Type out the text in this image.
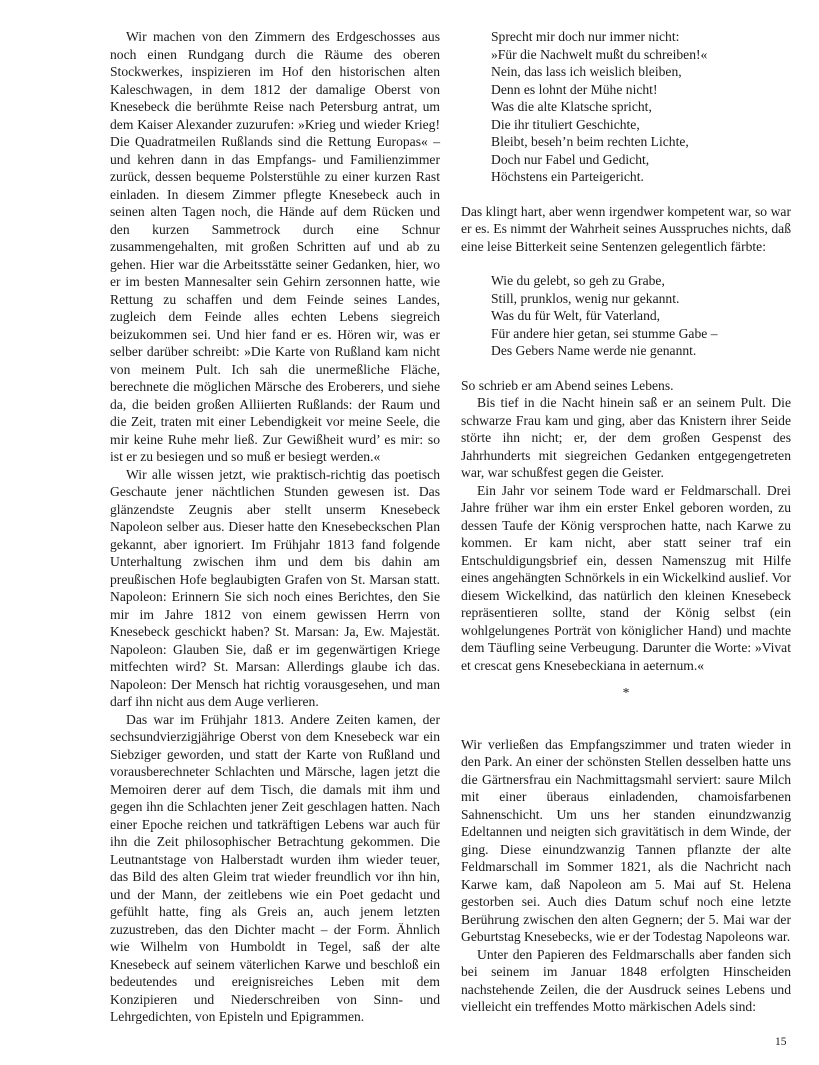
Wir machen von den Zimmern des Erdgeschosses aus noch einen Rundgang durch die Räume des oberen Stockwerkes, inspizieren im Hof den historischen alten Kaleschwagen, in dem 1812 der damalige Oberst von Knesebeck die berühmte Reise nach Petersburg antrat, um dem Kaiser Alexander zuzurufen: »Krieg und wieder Krieg! Die Quadratmeilen Rußlands sind die Rettung Europas« – und kehren dann in das Empfangs- und Familienzimmer zurück, dessen bequeme Polsterstühle zu einer kurzen Rast einladen. In diesem Zimmer pflegte Knesebeck auch in seinen alten Tagen noch, die Hände auf dem Rücken und den kurzen Sammetrock durch eine Schnur zusammengehalten, mit großen Schritten auf und ab zu gehen. Hier war die Arbeitsstätte seiner Gedanken, hier, wo er im besten Mannesalter sein Gehirn zersonnen hatte, wie Rettung zu schaffen und dem Feinde seines Landes, zugleich dem Feinde alles echten Lebens siegreich beizukommen sei. Und hier fand er es. Hören wir, was er selber darüber schreibt: »Die Karte von Rußland kam nicht von meinem Pult. Ich sah die unermeßliche Fläche, berechnete die möglichen Märsche des Eroberers, und siehe da, die beiden großen Alliierten Rußlands: der Raum und die Zeit, traten mit einer Lebendigkeit vor meine Seele, die mir keine Ruhe mehr ließ. Zur Gewißheit wurd’ es mir: so ist er zu besiegen und so muß er besiegt werden.«

Wir alle wissen jetzt, wie praktisch-richtig das poetisch Geschaute jener nächtlichen Stunden gewesen ist. Das glänzendste Zeugnis aber stellt unserm Knesebeck Napoleon selber aus. Dieser hatte den Knesebeckschen Plan gekannt, aber ignoriert. Im Frühjahr 1813 fand folgende Unterhaltung zwischen ihm und dem bis dahin am preußischen Hofe beglaubigten Grafen von St. Marsan statt. Napoleon: Erinnern Sie sich noch eines Berichtes, den Sie mir im Jahre 1812 von einem gewissen Herrn von Knesebeck geschickt haben? St. Marsan: Ja, Ew. Majestät. Napoleon: Glauben Sie, daß er im gegenwärtigen Kriege mitfechten wird? St. Marsan: Allerdings glaube ich das. Napoleon: Der Mensch hat richtig vorausgesehen, und man darf ihn nicht aus dem Auge verlieren.

Das war im Frühjahr 1813. Andere Zeiten kamen, der sechsundvierzigjährige Oberst von dem Knesebeck war ein Siebziger geworden, und statt der Karte von Rußland und vorausberechneter Schlachten und Märsche, lagen jetzt die Memoiren derer auf dem Tisch, die damals mit ihm und gegen ihn die Schlachten jener Zeit geschlagen hatten. Nach einer Epoche reichen und tatkräftigen Lebens war auch für ihn die Zeit philosophischer Betrachtung gekommen. Die Leutnantstage von Halberstadt wurden ihm wieder teuer, das Bild des alten Gleim trat wieder freundlich vor ihn hin, und der Mann, der zeitlebens wie ein Poet gedacht und gefühlt hatte, fing als Greis an, auch jenem letzten zuzustreben, das den Dichter macht – der Form. Ähnlich wie Wilhelm von Humboldt in Tegel, saß der alte Knesebeck auf seinem väterlichen Karwe und beschloß ein bedeutendes und ereignisreiches Leben mit dem Konzipieren und Niederschreiben von Sinn- und Lehrgedichten, von Episteln und Epigrammen.

Sprecht mir doch nur immer nicht:
»Für die Nachwelt mußt du schreiben!«
Nein, das lass ich weislich bleiben,
Denn es lohnt der Mühe nicht!
Was die alte Klatsche spricht,
Die ihr tituliert Geschichte,
Bleibt, beseh’n beim rechten Lichte,
Doch nur Fabel und Gedicht,
Höchstens ein Parteigericht.

Das klingt hart, aber wenn irgendwer kompetent war, so war er es. Es nimmt der Wahrheit seines Ausspruches nichts, daß eine leise Bitterkeit seine Sentenzen gelegentlich färbte:

Wie du gelebt, so geh zu Grabe,
Still, prunklos, wenig nur gekannt.
Was du für Welt, für Vaterland,
Für andere hier getan, sei stumme Gabe –
Des Gebers Name werde nie genannt.

So schrieb er am Abend seines Lebens.

Bis tief in die Nacht hinein saß er an seinem Pult. Die schwarze Frau kam und ging, aber das Knistern ihrer Seide störte ihn nicht; er, der dem großen Gespenst des Jahrhunderts mit siegreichen Gedanken entgegengetreten war, war schußfest gegen die Geister.

Ein Jahr vor seinem Tode ward er Feldmarschall. Drei Jahre früher war ihm ein erster Enkel geboren worden, zu dessen Taufe der König versprochen hatte, nach Karwe zu kommen. Er kam nicht, aber statt seiner traf ein Entschuldigungsbrief ein, dessen Namenszug mit Hilfe eines angehängten Schnörkels in ein Wickelkind auslief. Vor diesem Wickelkind, das natürlich den kleinen Knesebeck repräsentieren sollte, stand der König selbst (ein wohlgelungenes Porträt von königlicher Hand) und machte dem Täufling seine Verbeugung. Darunter die Worte: »Vivat et crescat gens Knesebeckiana in aeternum.«

*

Wir verließen das Empfangszimmer und traten wieder in den Park. An einer der schönsten Stellen desselben hatte uns die Gärtnersfrau ein Nachmittagsmahl serviert: saure Milch mit einer überaus einladenden, chamoisfarbenen Sahnenschicht. Um uns her standen einundzwanzig Edeltannen und neigten sich gravitätisch in dem Winde, der ging. Diese einundzwanzig Tannen pflanzte der alte Feldmarschall im Sommer 1821, als die Nachricht nach Karwe kam, daß Napoleon am 5. Mai auf St. Helena gestorben sei. Auch dies Datum schuf noch eine letzte Berührung zwischen den alten Gegnern; der 5. Mai war der Geburtstag Knesebecks, wie er der Todestag Napoleons war.

Unter den Papieren des Feldmarschalls aber fanden sich bei seinem im Januar 1848 erfolgten Hinscheiden nachstehende Zeilen, die der Ausdruck seines Lebens und vielleicht ein treffendes Motto märkischen Adels sind:

15
